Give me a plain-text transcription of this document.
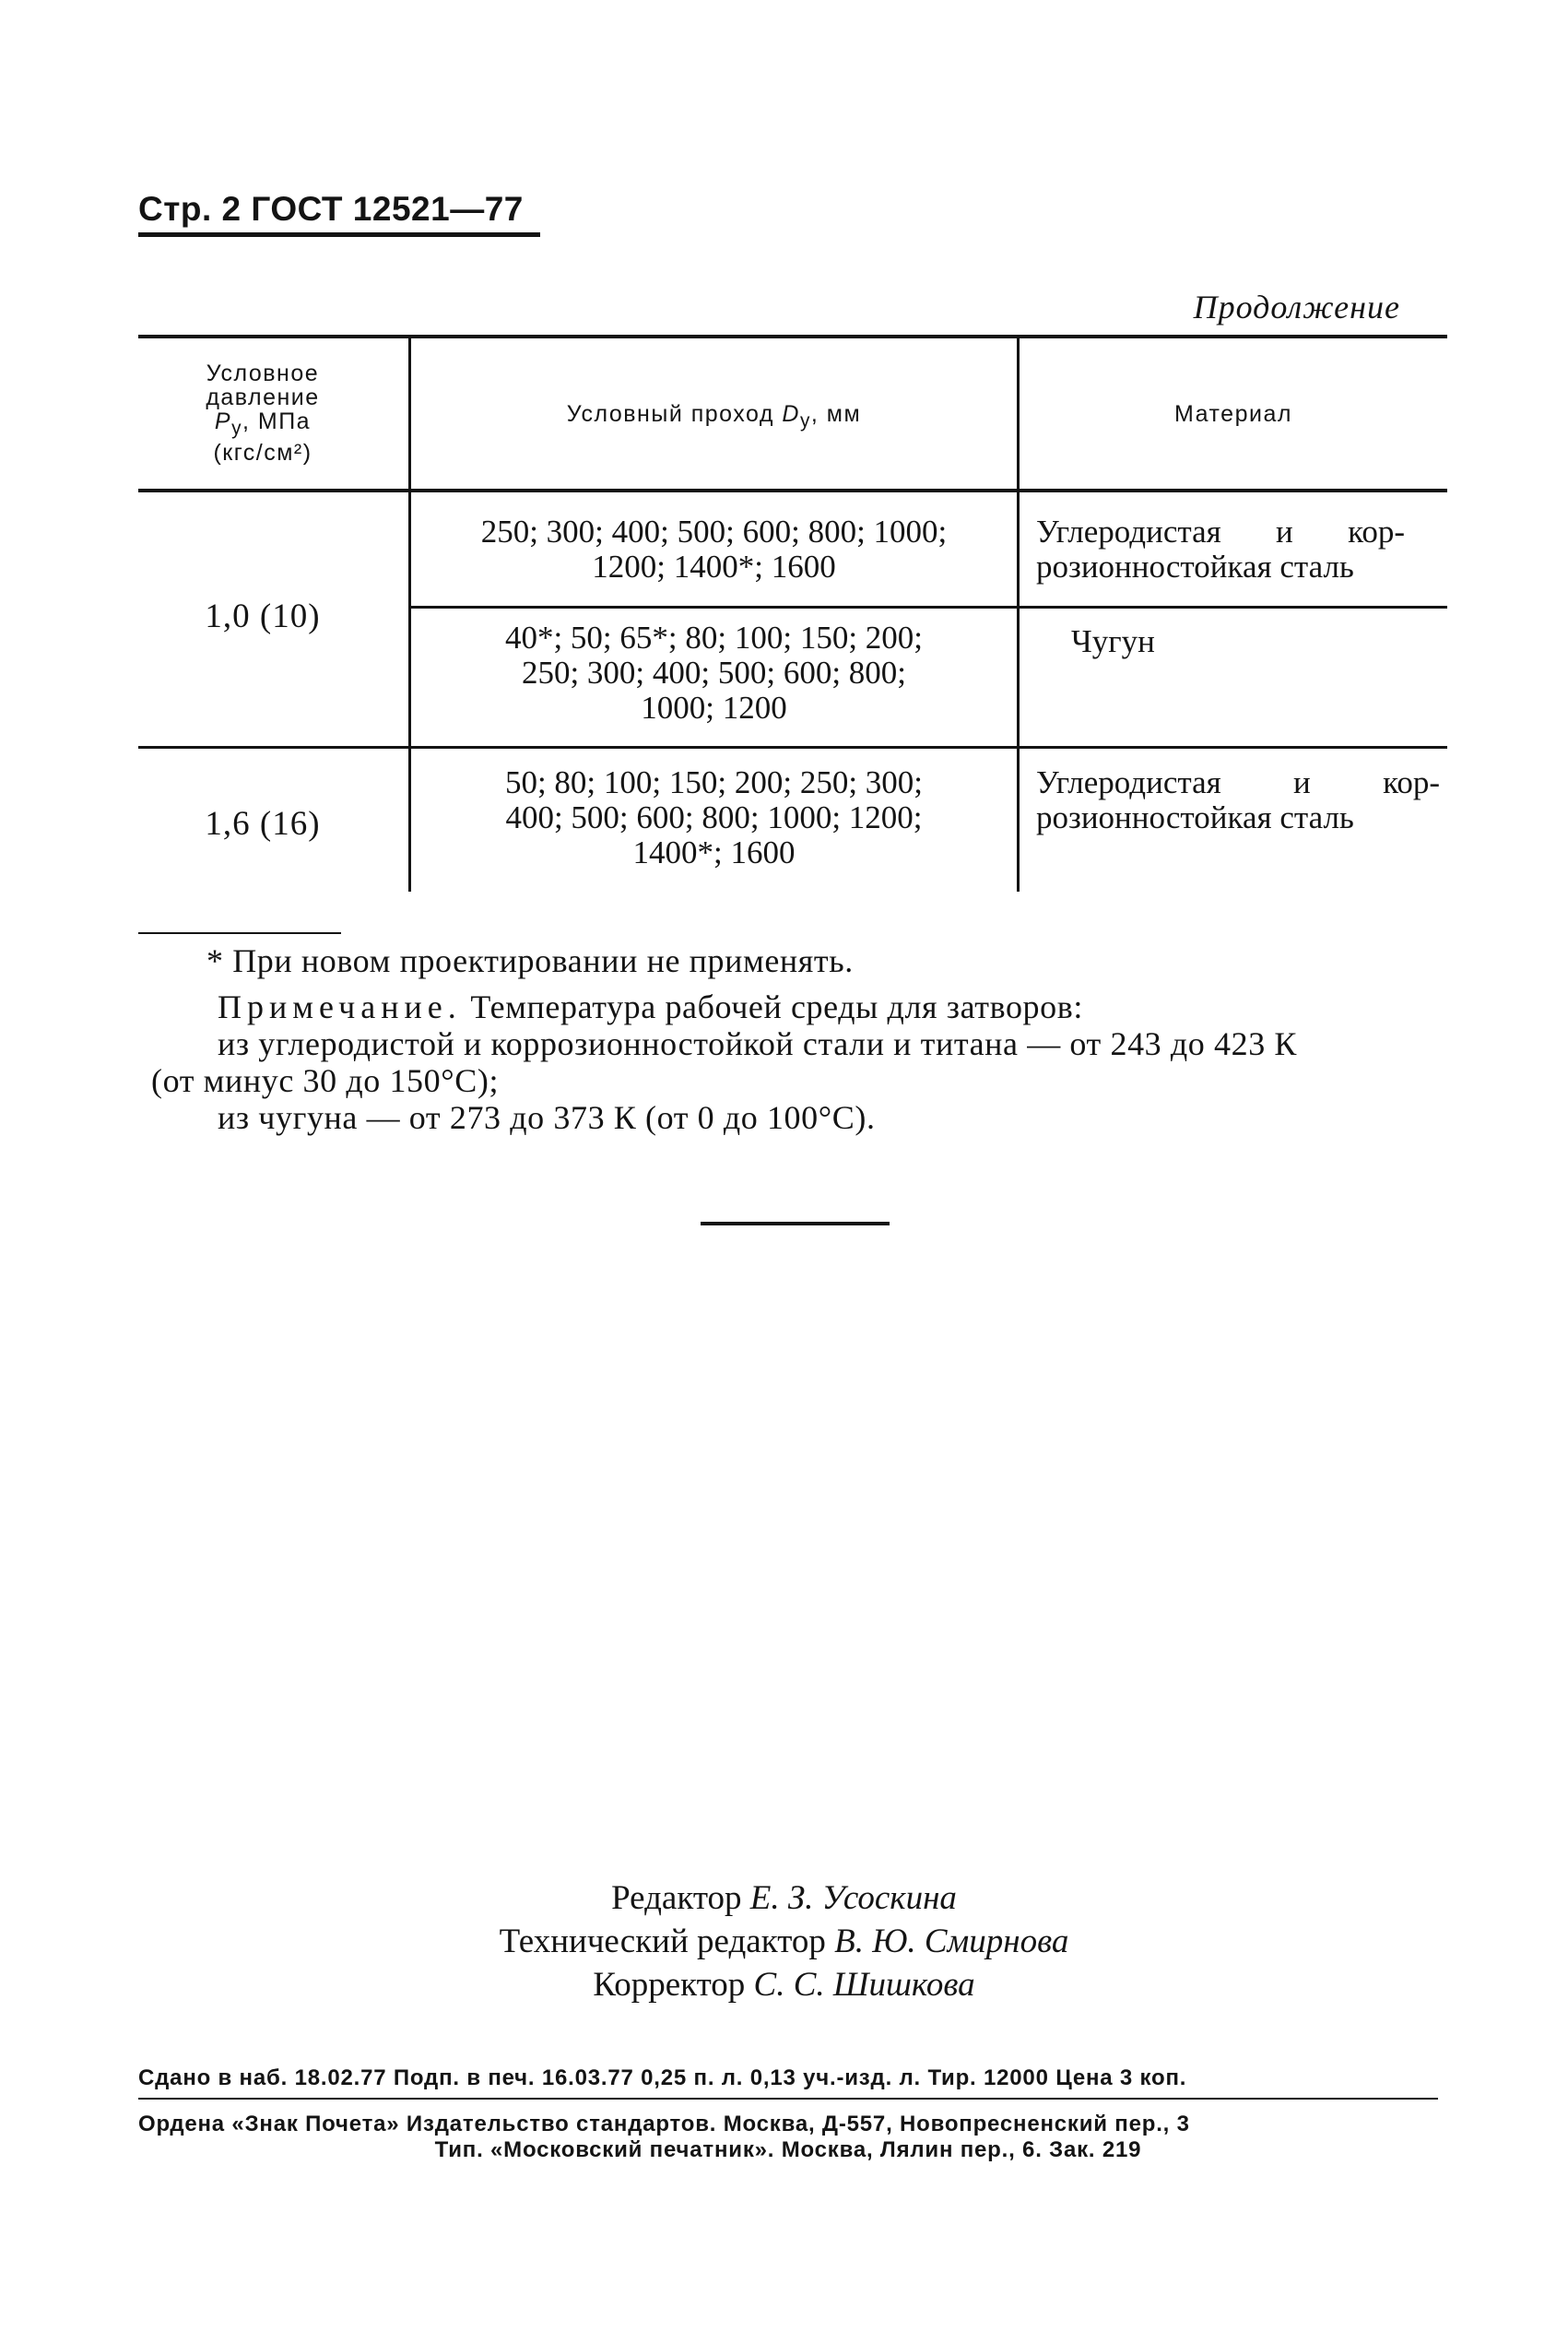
Стр. 2 ГОСТ 12521—77
Продолжение
Условное
давление
$P_у$, МПа
(кгс/см²)
Условный проход $D_у$, мм	Материал
1,0 (10)
250; 300; 400; 500; 600; 800; 1000;
1200; 1400*; 1600
Углеродистая и кор-
розионностойкая сталь
40*; 50; 65*; 80; 100; 150; 200;
250; 300; 400; 500; 600; 800;
1000; 1200
Чугун
1,6 (16)
50; 80; 100; 150; 200; 250; 300;
400; 500; 600; 800; 1000; 1200;
1400*; 1600
Углеродистая и кор-
розионностойкая сталь
* При новом проектировании не применять.
Примечание. Температура рабочей среды для затворов:
из углеродистой и коррозионностойкой стали и титана — от 243 до 423 К
(от минус 30 до 150°С);
из чугуна — от 273 до 373 К (от 0 до 100°С).
Редактор Е. З. Усоскина
Технический редактор В. Ю. Смирнова
Корректор С. С. Шишкова
Сдано в наб. 18.02.77 Подп. в печ. 16.03.77 0,25 п. л. 0,13 уч.-изд. л. Тир. 12000 Цена 3 коп.
Ордена «Знак Почета» Издательство стандартов. Москва, Д-557, Новопресненский пер., 3
Тип. «Московский печатник». Москва, Лялин пер., 6. Зак. 219
